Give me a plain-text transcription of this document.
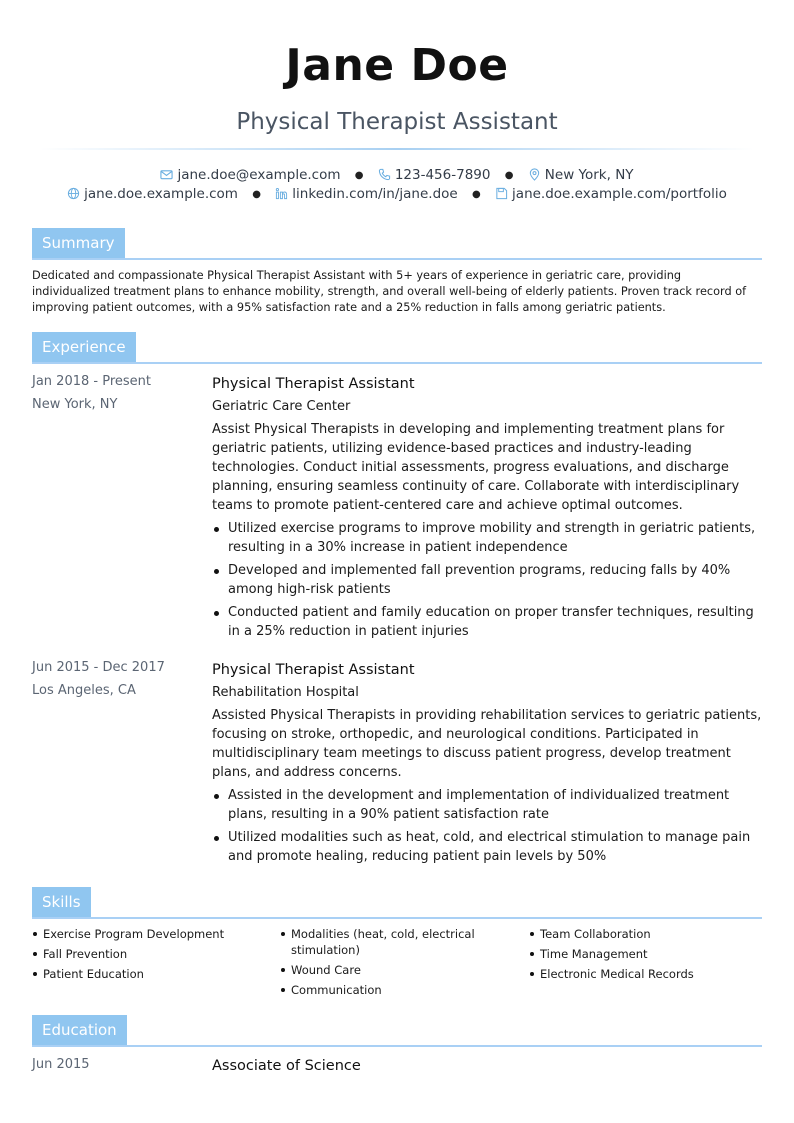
Jane Doe
Physical Therapist Assistant
jane.doe@example.com ● 123-456-7890 ● New York, NY
jane.doe.example.com ● linkedin.com/in/jane.doe ● jane.doe.example.com/portfolio
Summary
Dedicated and compassionate Physical Therapist Assistant with 5+ years of experience in geriatric care, providing individualized treatment plans to enhance mobility, strength, and overall well-being of elderly patients. Proven track record of improving patient outcomes, with a 95% satisfaction rate and a 25% reduction in falls among geriatric patients.
Experience
Jan 2018 - Present
New York, NY
Physical Therapist Assistant
Geriatric Care Center
Assist Physical Therapists in developing and implementing treatment plans for geriatric patients, utilizing evidence-based practices and industry-leading technologies. Conduct initial assessments, progress evaluations, and discharge planning, ensuring seamless continuity of care. Collaborate with interdisciplinary teams to promote patient-centered care and achieve optimal outcomes.
Utilized exercise programs to improve mobility and strength in geriatric patients, resulting in a 30% increase in patient independence
Developed and implemented fall prevention programs, reducing falls by 40% among high-risk patients
Conducted patient and family education on proper transfer techniques, resulting in a 25% reduction in patient injuries
Jun 2015 - Dec 2017
Los Angeles, CA
Physical Therapist Assistant
Rehabilitation Hospital
Assisted Physical Therapists in providing rehabilitation services to geriatric patients, focusing on stroke, orthopedic, and neurological conditions. Participated in multidisciplinary team meetings to discuss patient progress, develop treatment plans, and address concerns.
Assisted in the development and implementation of individualized treatment plans, resulting in a 90% patient satisfaction rate
Utilized modalities such as heat, cold, and electrical stimulation to manage pain and promote healing, reducing patient pain levels by 50%
Skills
Exercise Program Development
Fall Prevention
Patient Education
Modalities (heat, cold, electrical stimulation)
Wound Care
Communication
Team Collaboration
Time Management
Electronic Medical Records
Education
Jun 2015	Associate of Science
